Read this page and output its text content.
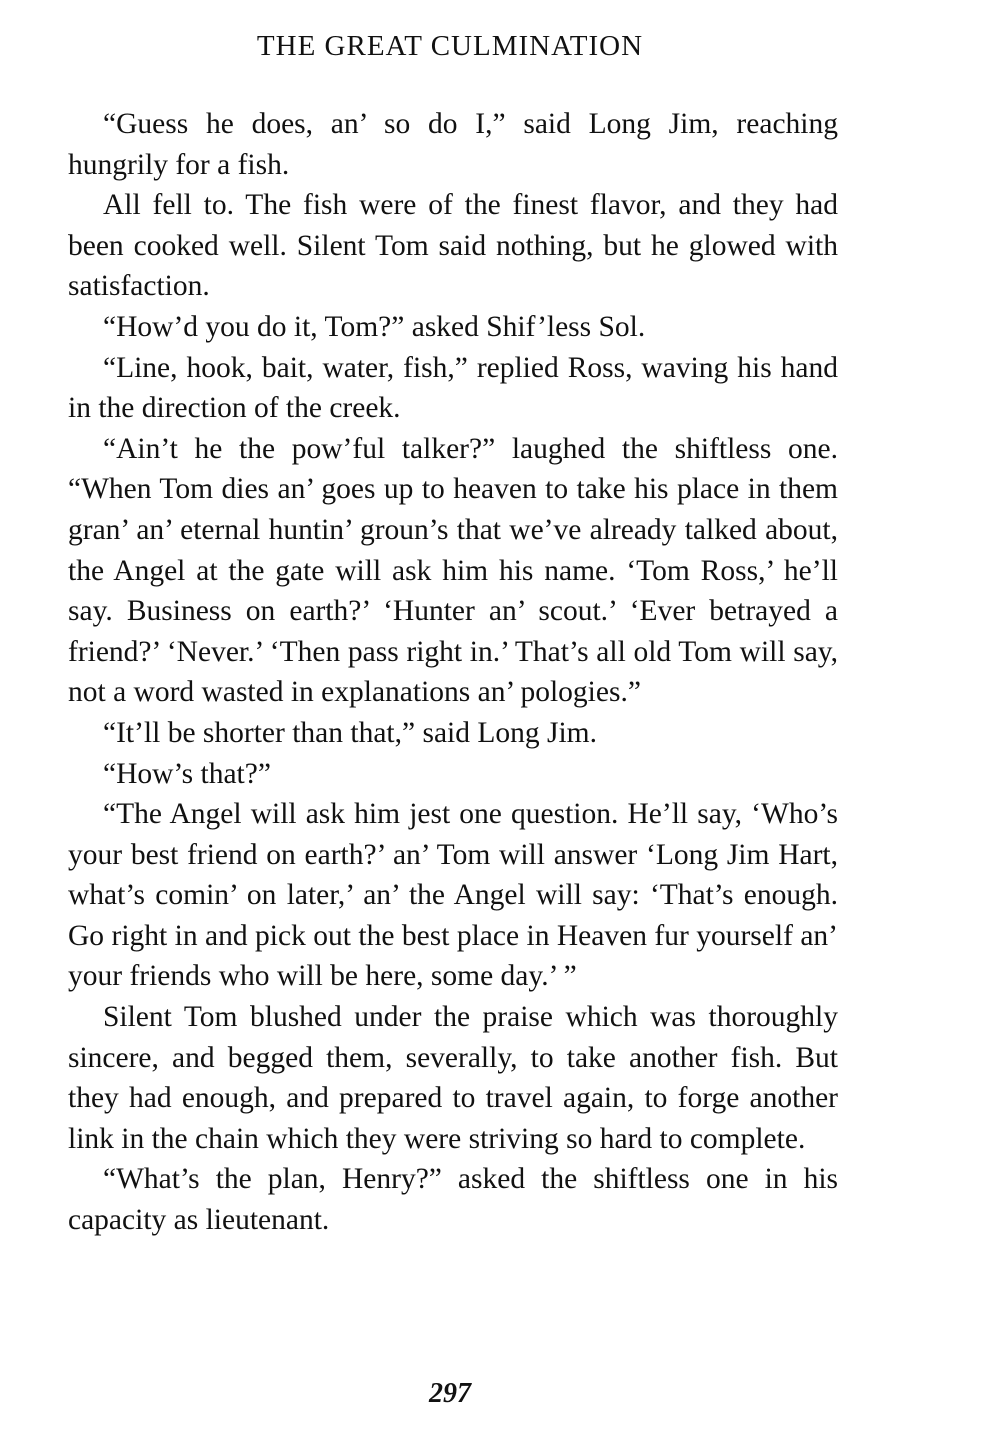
THE GREAT CULMINATION

“Guess he does, an’ so do I,” said Long Jim, reaching hungrily for a fish.

All fell to. The fish were of the finest flavor, and they had been cooked well. Silent Tom said nothing, but he glowed with satisfaction.

“How’d you do it, Tom?” asked Shif’less Sol.

“Line, hook, bait, water, fish,” replied Ross, waving his hand in the direction of the creek.

“Ain’t he the pow’ful talker?” laughed the shiftless one. “When Tom dies an’ goes up to heaven to take his place in them gran’ an’ eternal huntin’ groun’s that we’ve already talked about, the Angel at the gate will ask him his name. ‘Tom Ross,’ he’ll say. Business on earth?’ ‘Hunter an’ scout.’ ‘Ever betrayed a friend?’ ‘Never.’ ‘Then pass right in.’ That’s all old Tom will say, not a word wasted in explanations an’ pologies.”

“It’ll be shorter than that,” said Long Jim.

“How’s that?”

“The Angel will ask him jest one question. He’ll say, ‘Who’s your best friend on earth?’ an’ Tom will answer ‘Long Jim Hart, what’s comin’ on later,’ an’ the Angel will say: ‘That’s enough. Go right in and pick out the best place in Heaven fur yourself an’ your friends who will be here, some day.’ ”

Silent Tom blushed under the praise which was thoroughly sincere, and begged them, severally, to take another fish. But they had enough, and prepared to travel again, to forge another link in the chain which they were striving so hard to complete.

“What’s the plan, Henry?” asked the shiftless one in his capacity as lieutenant.

297
